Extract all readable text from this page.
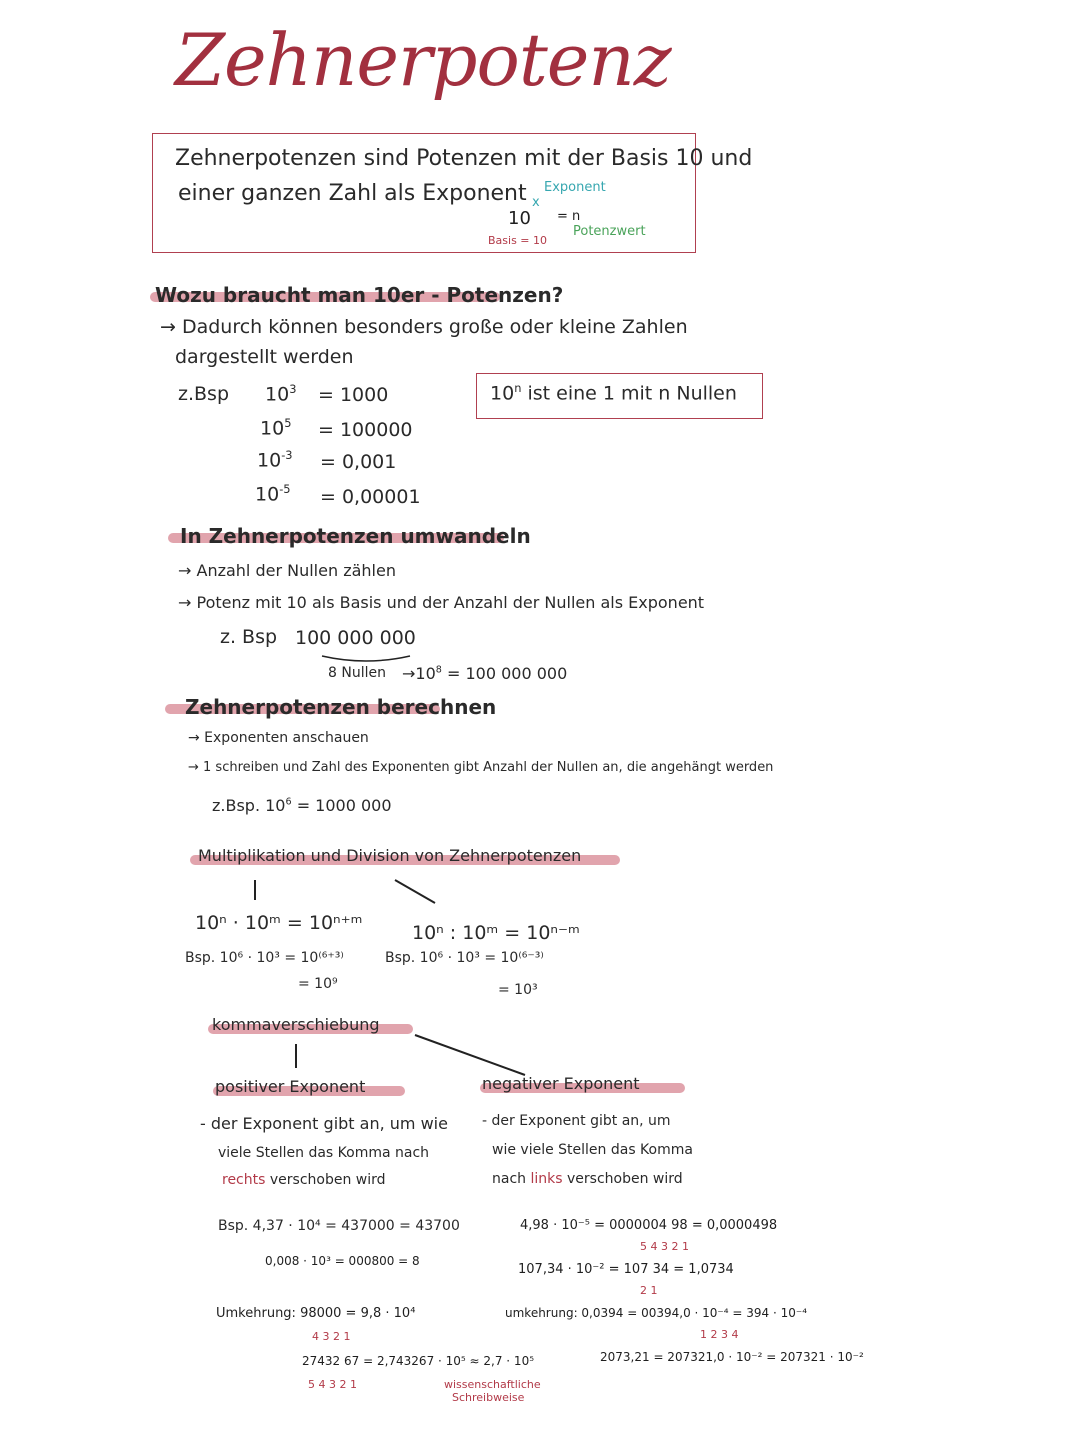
Zehnerpotenz
Zehnerpotenzen sind Potenzen mit der Basis 10 und
einer ganzen Zahl als Exponent Exponent
x
10 = n
Basis = 10
Potenzwert
Wozu braucht man 10er - Potenzen?
→ Dadurch können besonders große oder kleine Zahlen
dargestellt werden
z.Bsp $10^3 = 1000$
$10^5 = 100000$
$10^{-3} = 0,001$
$10^{-5} = 0,00001$
10$^n$ ist eine 1 mit n Nullen
In Zehnerpotenzen umwandeln
→ Anzahl der Nullen zählen
→ Potenz mit 10 als Basis und der Anzahl der Nullen als Exponent
z. Bsp 100 000 000
8 Nullen $\to 10^8 = 100$ 000 000
Zehnerpotenzen berechnen
→ Exponenten anschauen
→ 1 schreiben und Zahl des Exponenten gibt Anzahl der Nullen an, die angehängt werden
z.Bsp. $10^6 = 1000$ 000
Multiplikation und Division von Zehnerpotenzen
10ⁿ · 10ᵐ = 10ⁿ⁺ᵐ
Bsp. 10⁶ · 10³ = 10⁽⁶⁺³⁾
= 10⁹
10ⁿ : 10ᵐ = 10ⁿ⁻ᵐ
Bsp. 10⁶ · 10³ = 10⁽⁶⁻³⁾
= 10³
kommaverschiebung
positiver Exponent
- der Exponent gibt an, um wie
viele Stellen das Komma nach
rechts verschoben wird
Bsp. 4,37 · 10⁴ = 437000 = 43700
0,008 · 10³ = 000800 = 8
Umkehrung: 98000 = 9,8 · 10⁴
4 3 2 1
27432 67 = 2,743267 · 10⁵ ≈ 2,7 · 10⁵
5 4 3 2 1	wissenschaftliche
Schreibweise
negativer Exponent
- der Exponent gibt an, um
wie viele Stellen das Komma
nach links verschoben wird
4,98 · 10⁻⁵ = 0000004 98 = 0,0000498
5 4 3 2 1
107,34 · 10⁻² = 107 34 = 1,0734
2 1
umkehrung: 0,0394 = 00394,0 · 10⁻⁴ = 394 · 10⁻⁴
1 2 3 4
2073,21 = 207321,0 · 10⁻² = 207321 · 10⁻²
